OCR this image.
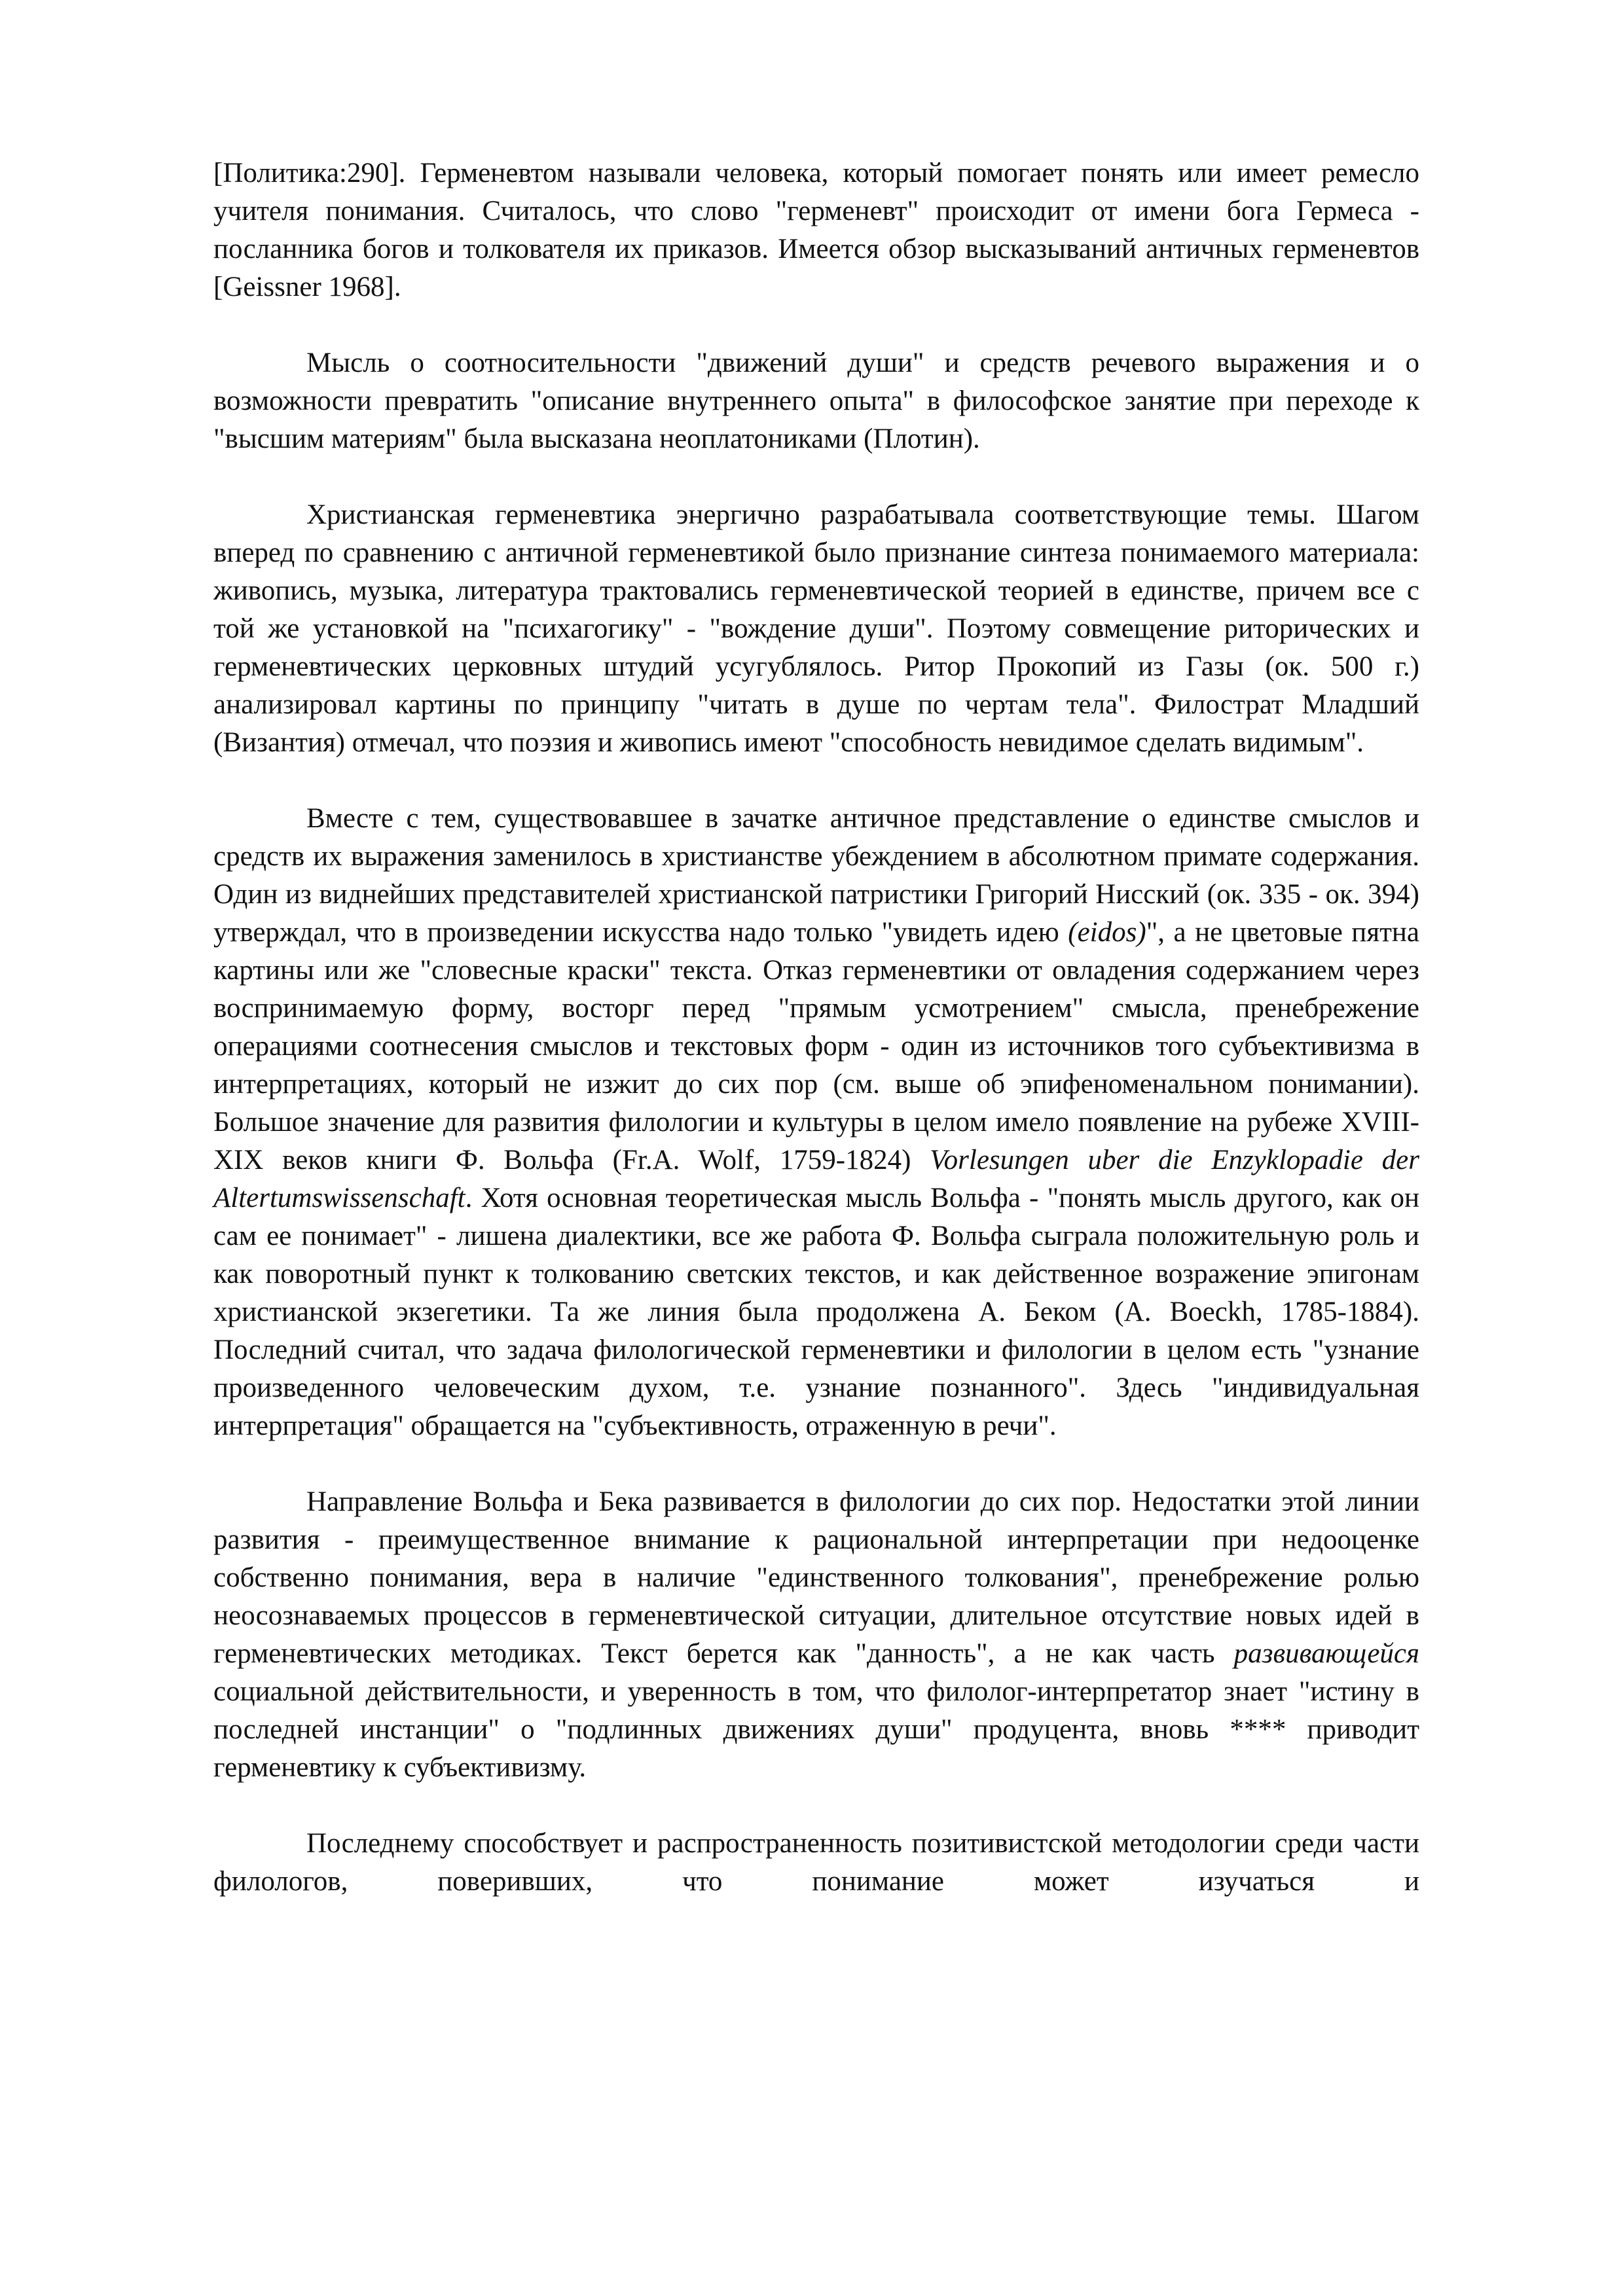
[Политика:290]. Герменевтом называли человека, который помогает понять или имеет ремесло учителя понимания. Считалось, что слово "герменевт" происходит от имени бога Гермеса - посланника богов и толкователя их приказов. Имеется обзор высказываний античных герменевтов [Geissner 1968].

Мысль о соотносительности "движений души" и средств речевого выражения и о возможности превратить "описание внутреннего опыта" в философское занятие при переходе к "высшим материям" была высказана неоплатониками (Плотин).

Христианская герменевтика энергично разрабатывала соответствующие темы. Шагом вперед по сравнению с античной герменевтикой было признание синтеза понимаемого материала: живопись, музыка, литература трактовались герменевтической теорией в единстве, причем все с той же установкой на "психагогику" - "вождение души". Поэтому совмещение риторических и герменевтических церковных штудий усугублялось. Ритор Прокопий из Газы (ок. 500 г.) анализировал картины по принципу "читать в душе по чертам тела". Филострат Младший (Византия) отмечал, что поэзия и живопись имеют "способность невидимое сделать видимым".

Вместе с тем, существовавшее в зачатке античное представление о единстве смыслов и средств их выражения заменилось в христианстве убеждением в абсолютном примате содержания. Один из виднейших представителей христианской патристики Григорий Нисский (ок. 335 - ок. 394) утверждал, что в произведении искусства надо только "увидеть идею (eidos)", а не цветовые пятна картины или же "словесные краски" текста. Отказ герменевтики от овладения содержанием через воспринимаемую форму, восторг перед "прямым усмотрением" смысла, пренебрежение операциями соотнесения смыслов и текстовых форм - один из источников того субъективизма в интерпретациях, который не изжит до сих пор (см. выше об эпифеноменальном понимании). Большое значение для развития филологии и культуры в целом имело появление на рубеже XVIII-XIX веков книги Ф. Вольфа (Fr.A. Wolf, 1759-1824) Vorlesungen uber die Enzyklopadie der Altertumswissenschaft. Хотя основная теоретическая мысль Вольфа - "понять мысль другого, как он сам ее понимает" - лишена диалектики, все же работа Ф. Вольфа сыграла положительную роль и как поворотный пункт к толкованию светских текстов, и как действенное возражение эпигонам христианской экзегетики. Та же линия была продолжена А. Беком (A. Boeckh, 1785-1884). Последний считал, что задача филологической герменевтики и филологии в целом есть "узнание произведенного человеческим духом, т.е. узнание познанного". Здесь "индивидуальная интерпретация" обращается на "субъективность, отраженную в речи".

Направление Вольфа и Бека развивается в филологии до сих пор. Недостатки этой линии развития - преимущественное внимание к рациональной интерпретации при недооценке собственно понимания, вера в наличие "единственного толкования", пренебрежение ролью неосознаваемых процессов в герменевтической ситуации, длительное отсутствие новых идей в герменевтических методиках. Текст берется как "данность", а не как часть развивающейся социальной действительности, и уверенность в том, что филолог-интерпретатор знает "истину в последней инстанции" о "подлинных движениях души" продуцента, вновь **** приводит герменевтику к субъективизму.

Последнему способствует и распространенность позитивистской методологии среди части филологов, поверивших, что понимание может изучаться и
